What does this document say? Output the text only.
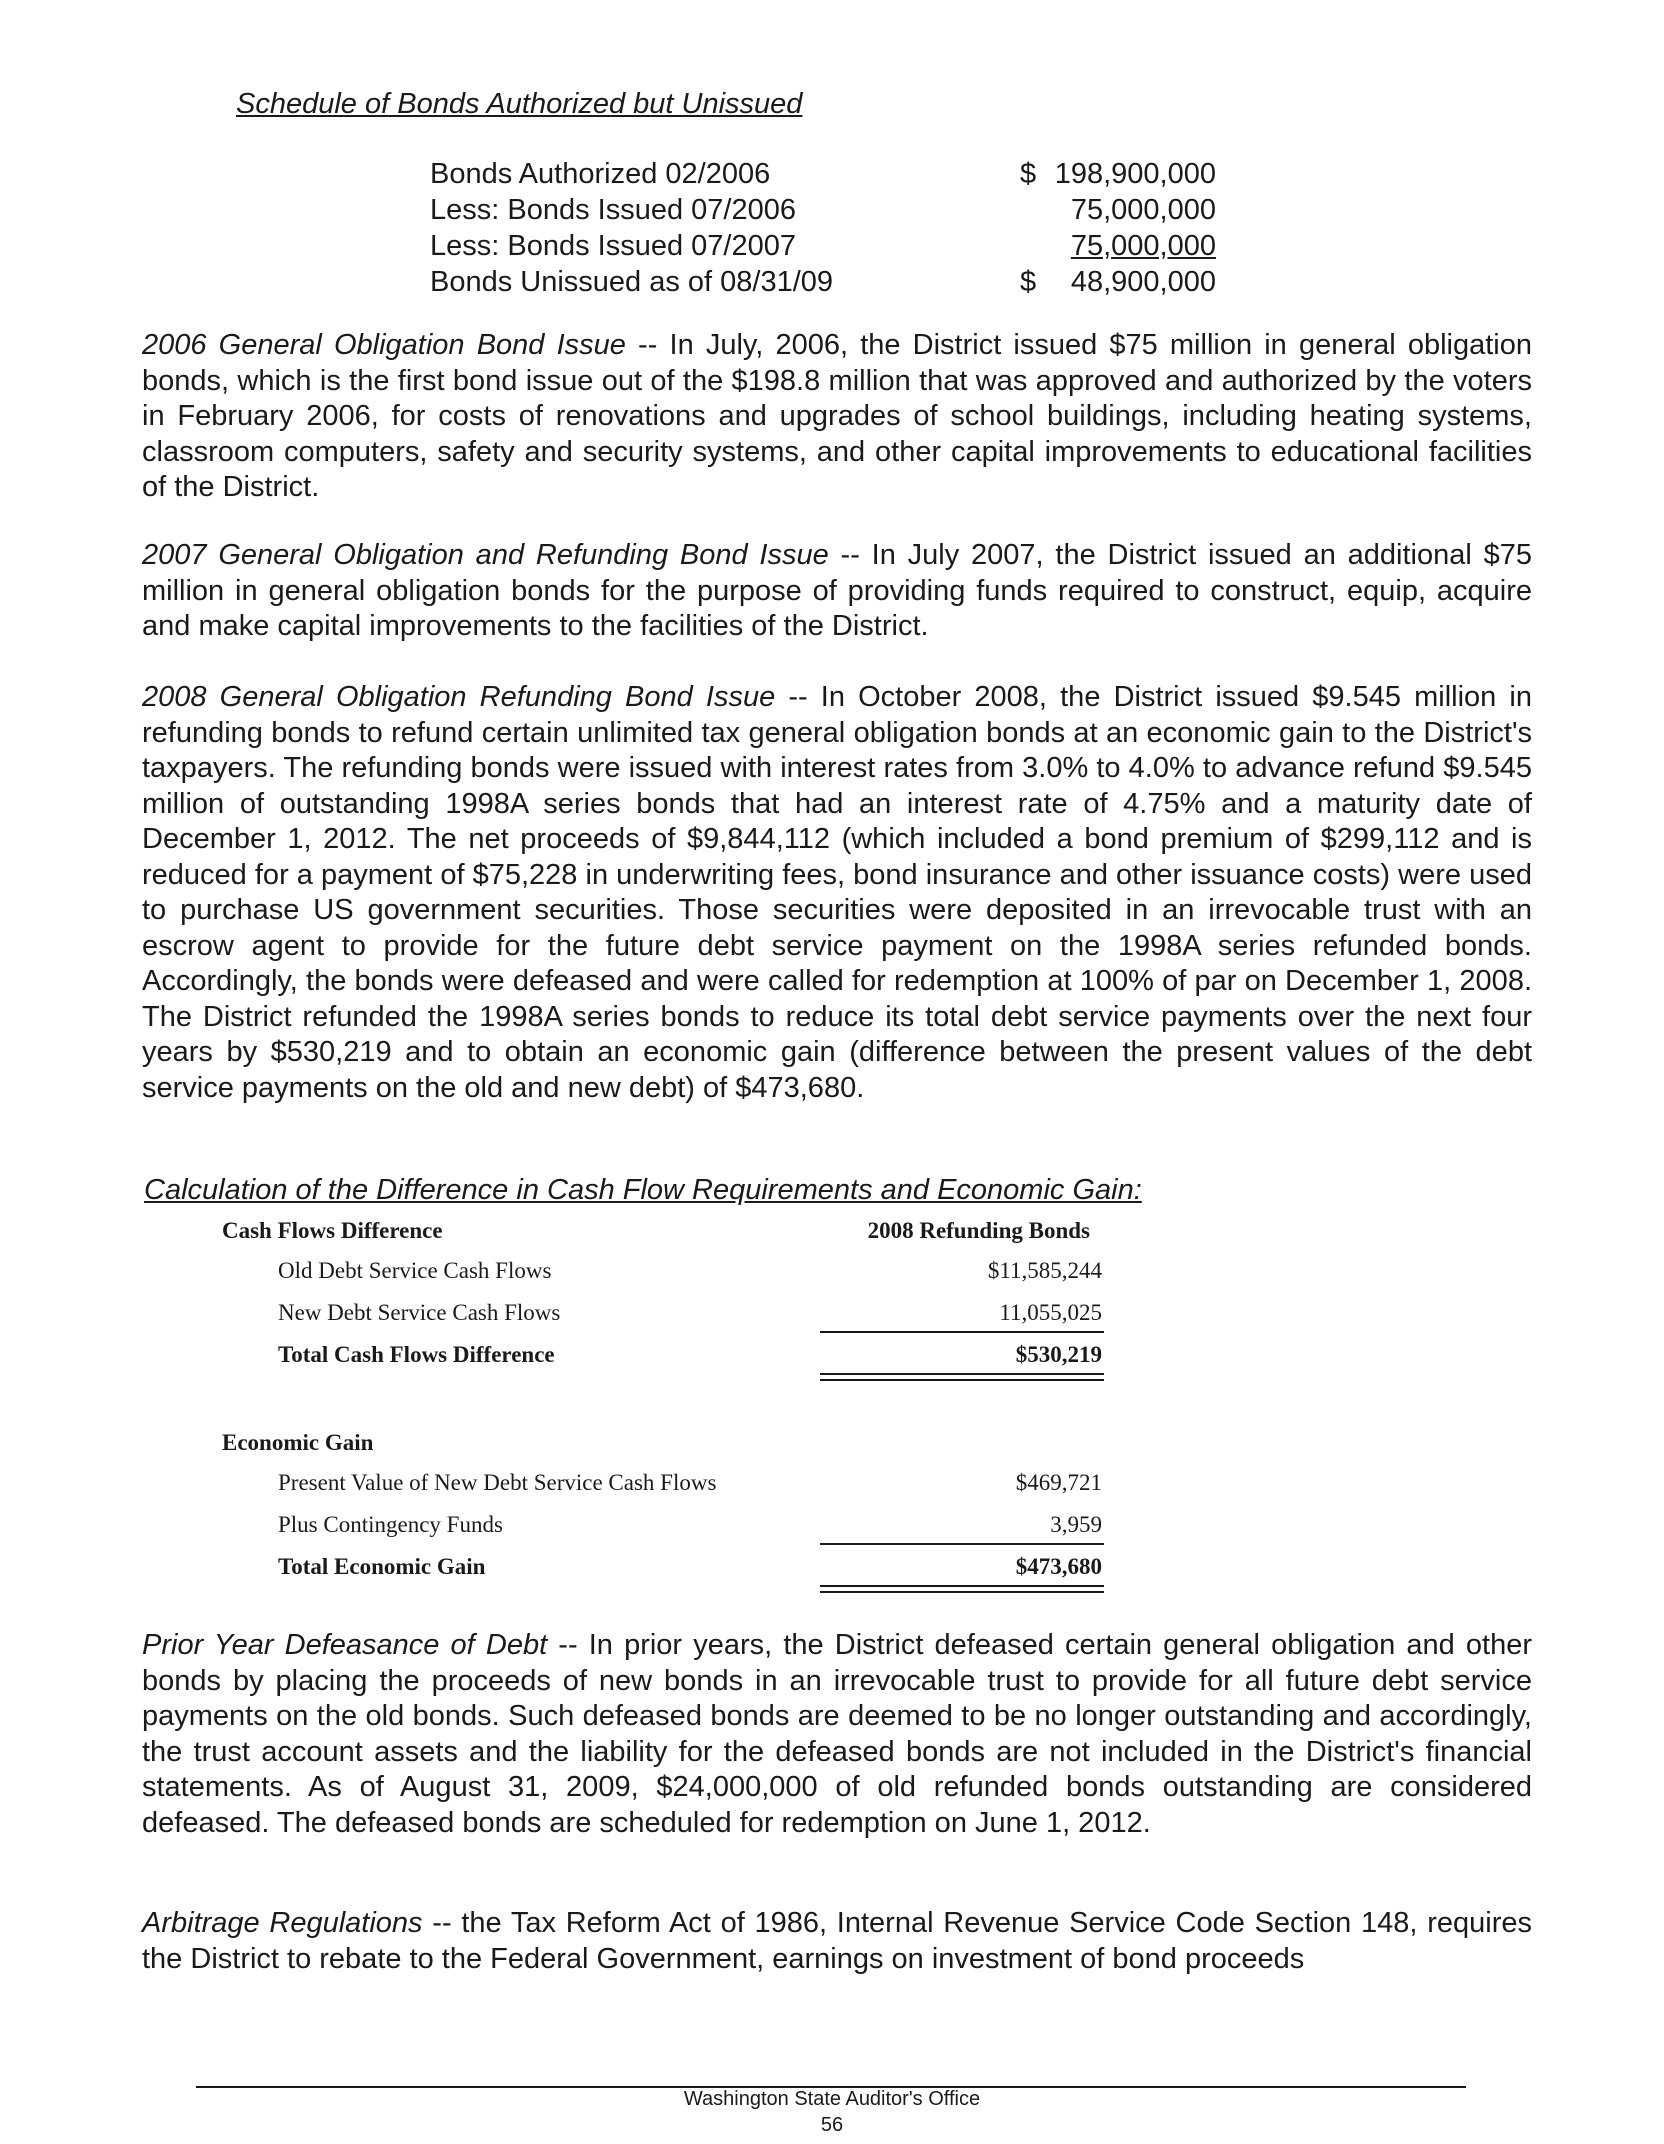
Schedule of Bonds Authorized but Unissued
Bonds Authorized 02/2006	$ 198,900,000
Less: Bonds Issued 07/2006	75,000,000
Less: Bonds Issued 07/2007	75,000,000
Bonds Unissued as of 08/31/09	$ 48,900,000
2006 General Obligation Bond Issue -- In July, 2006, the District issued $75 million in general obligation bonds, which is the first bond issue out of the $198.8 million that was approved and authorized by the voters in February 2006, for costs of renovations and upgrades of school buildings, including heating systems, classroom computers, safety and security systems, and other capital improvements to educational facilities of the District.
2007 General Obligation and Refunding Bond Issue -- In July 2007, the District issued an additional $75 million in general obligation bonds for the purpose of providing funds required to construct, equip, acquire and make capital improvements to the facilities of the District.
2008 General Obligation Refunding Bond Issue -- In October 2008, the District issued $9.545 million in refunding bonds to refund certain unlimited tax general obligation bonds at an economic gain to the District's taxpayers. The refunding bonds were issued with interest rates from 3.0% to 4.0% to advance refund $9.545 million of outstanding 1998A series bonds that had an interest rate of 4.75% and a maturity date of December 1, 2012. The net proceeds of $9,844,112 (which included a bond premium of $299,112 and is reduced for a payment of $75,228 in underwriting fees, bond insurance and other issuance costs) were used to purchase US government securities. Those securities were deposited in an irrevocable trust with an escrow agent to provide for the future debt service payment on the 1998A series refunded bonds. Accordingly, the bonds were defeased and were called for redemption at 100% of par on December 1, 2008. The District refunded the 1998A series bonds to reduce its total debt service payments over the next four years by $530,219 and to obtain an economic gain (difference between the present values of the debt service payments on the old and new debt) of $473,680.
Calculation of the Difference in Cash Flow Requirements and Economic Gain:
Cash Flows Difference	2008 Refunding Bonds
Old Debt Service Cash Flows	$11,585,244
New Debt Service Cash Flows	11,055,025
Total Cash Flows Difference	$530,219
Economic Gain
Present Value of New Debt Service Cash Flows	$469,721
Plus Contingency Funds	3,959
Total Economic Gain	$473,680
Prior Year Defeasance of Debt -- In prior years, the District defeased certain general obligation and other bonds by placing the proceeds of new bonds in an irrevocable trust to provide for all future debt service payments on the old bonds. Such defeased bonds are deemed to be no longer outstanding and accordingly, the trust account assets and the liability for the defeased bonds are not included in the District's financial statements. As of August 31, 2009, $24,000,000 of old refunded bonds outstanding are considered defeased. The defeased bonds are scheduled for redemption on June 1, 2012.
Arbitrage Regulations -- the Tax Reform Act of 1986, Internal Revenue Service Code Section 148, requires the District to rebate to the Federal Government, earnings on investment of bond proceeds
Washington State Auditor's Office
56
